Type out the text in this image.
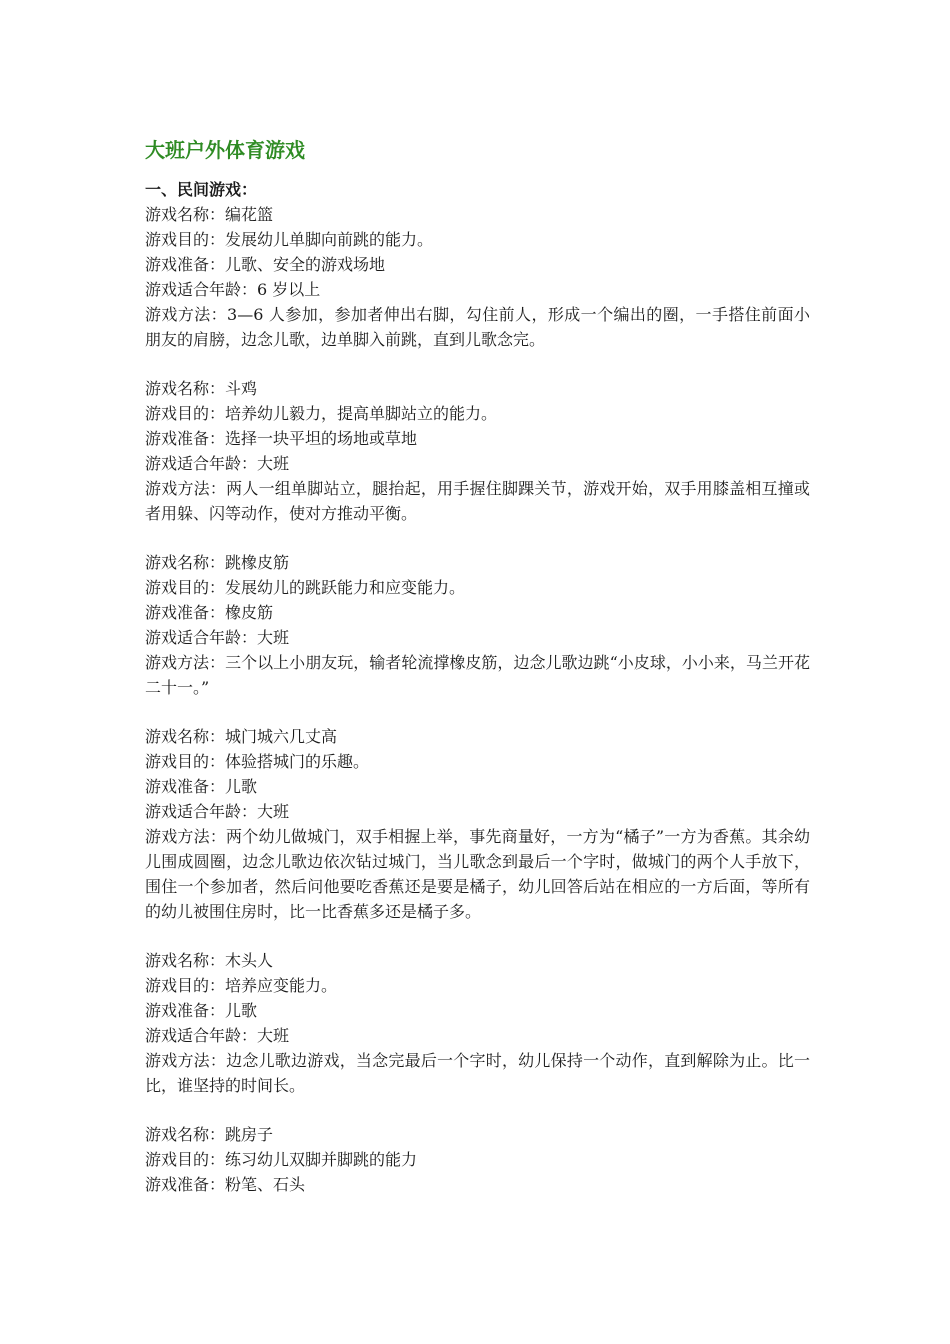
大班户外体育游戏
一、民间游戏：
游戏名称：编花篮
游戏目的：发展幼儿单脚向前跳的能力。
游戏准备：儿歌、安全的游戏场地
游戏适合年龄：6 岁以上
游戏方法：3—6 人参加，参加者伸出右脚，勾住前人，形成一个编出的圈，一手搭住前面小朋友的肩膀，边念儿歌，边单脚入前跳，直到儿歌念完。
游戏名称：斗鸡
游戏目的：培养幼儿毅力，提高单脚站立的能力。
游戏准备：选择一块平坦的场地或草地
游戏适合年龄：大班
游戏方法：两人一组单脚站立，腿抬起，用手握住脚踝关节，游戏开始，双手用膝盖相互撞或者用躲、闪等动作，使对方推动平衡。
游戏名称：跳橡皮筋
游戏目的：发展幼儿的跳跃能力和应变能力。
游戏准备：橡皮筋
游戏适合年龄：大班
游戏方法：三个以上小朋友玩，输者轮流撑橡皮筋，边念儿歌边跳“小皮球，小小来，马兰开花二十一。”
游戏名称：城门城六几丈高
游戏目的：体验搭城门的乐趣。
游戏准备：儿歌
游戏适合年龄：大班
游戏方法：两个幼儿做城门，双手相握上举，事先商量好，一方为“橘子”一方为香蕉。其余幼儿围成圆圈，边念儿歌边依次钻过城门，当儿歌念到最后一个字时，做城门的两个人手放下，围住一个参加者，然后问他要吃香蕉还是要是橘子，幼儿回答后站在相应的一方后面，等所有的幼儿被围住房时，比一比香蕉多还是橘子多。
游戏名称：木头人
游戏目的：培养应变能力。
游戏准备：儿歌
游戏适合年龄：大班
游戏方法：边念儿歌边游戏，当念完最后一个字时，幼儿保持一个动作，直到解除为止。比一比，谁坚持的时间长。
游戏名称：跳房子
游戏目的：练习幼儿双脚并脚跳的能力
游戏准备：粉笔、石头
